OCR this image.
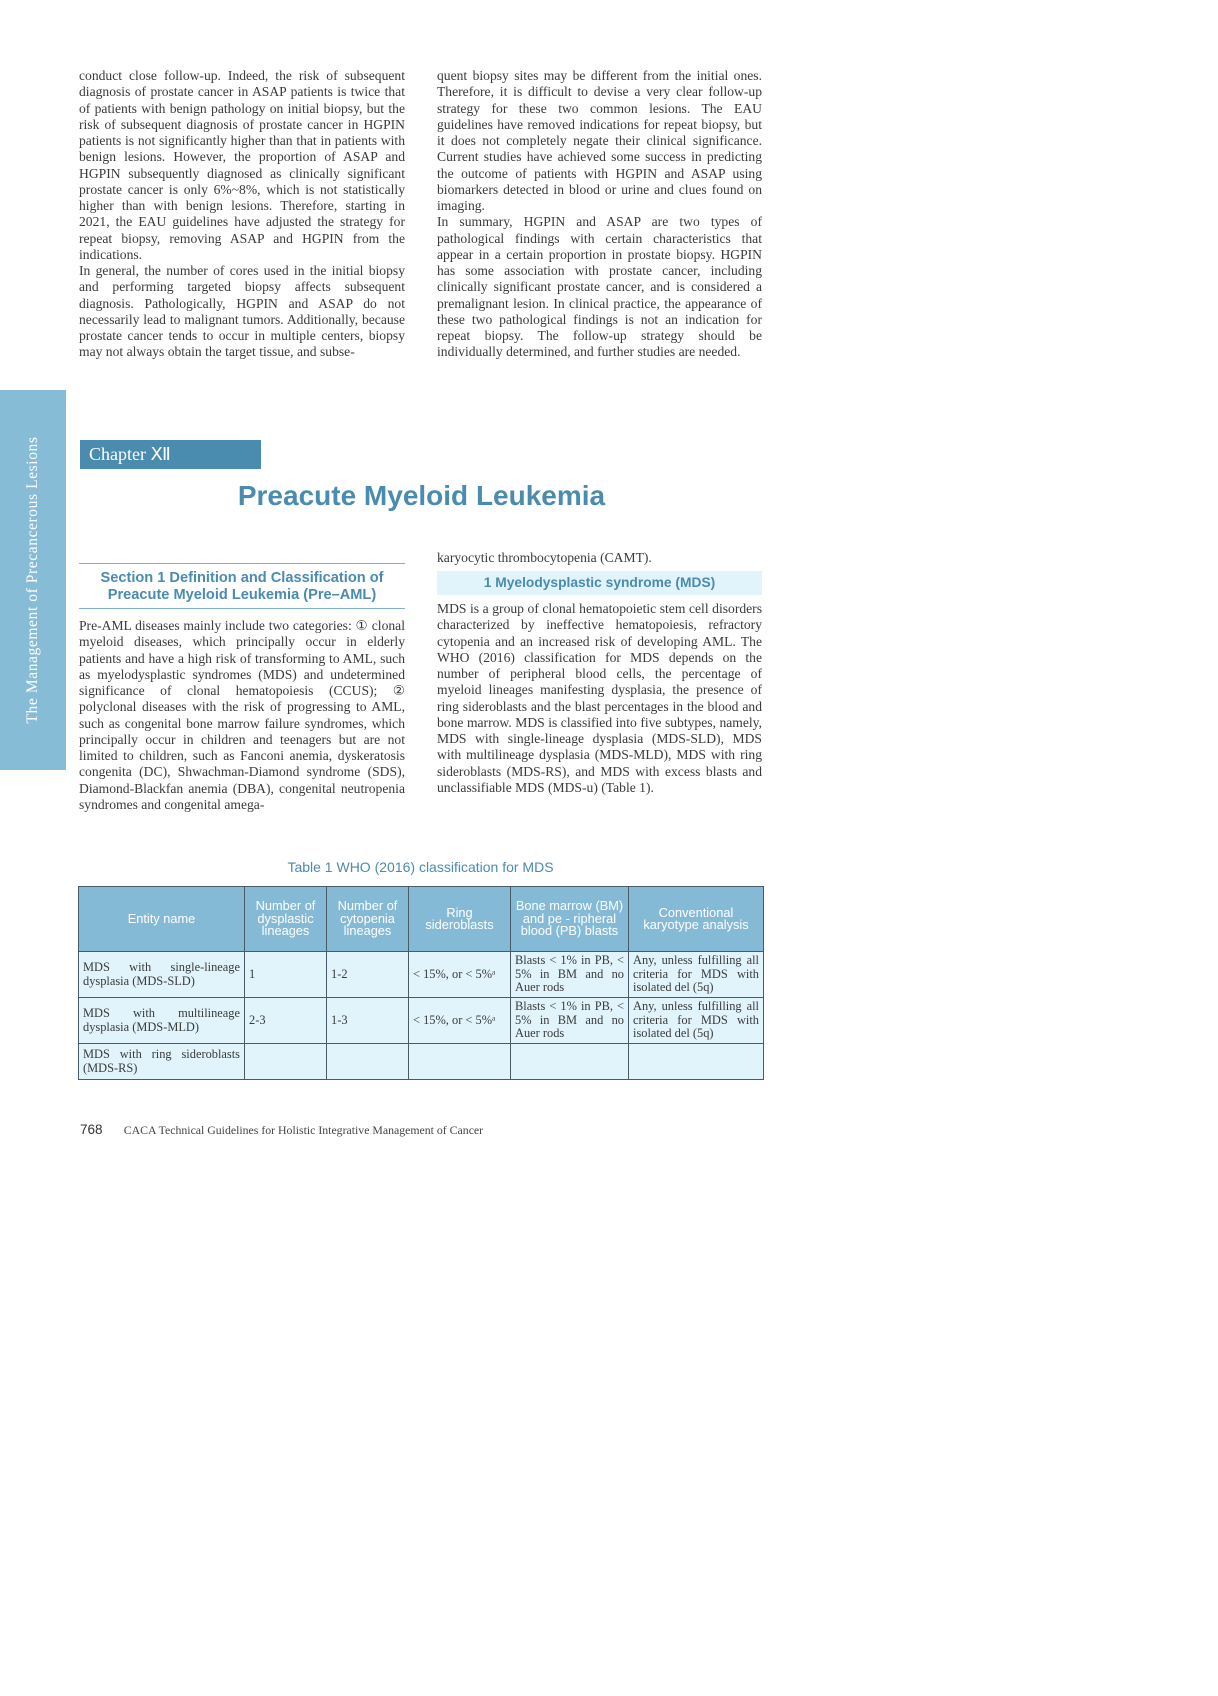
The Management of Precancerous Lesions

conduct close follow-up. Indeed, the risk of subsequent diagnosis of prostate cancer in ASAP patients is twice that of patients with benign pathology on initial biopsy, but the risk of subsequent diagnosis of prostate cancer in HGPIN patients is not significantly higher than that in patients with benign lesions. However, the proportion of ASAP and HGPIN subsequently diagnosed as clinically significant prostate cancer is only 6%~8%, which is not statistically higher than with benign lesions. Therefore, starting in 2021, the EAU guidelines have adjusted the strategy for repeat biopsy, removing ASAP and HGPIN from the indications.

In general, the number of cores used in the initial biopsy and performing targeted biopsy affects subsequent diagnosis. Pathologically, HGPIN and ASAP do not necessarily lead to malignant tumors. Additionally, because prostate cancer tends to occur in multiple centers, biopsy may not always obtain the target tissue, and subse-

quent biopsy sites may be different from the initial ones. Therefore, it is difficult to devise a very clear follow-up strategy for these two common lesions. The EAU guidelines have removed indications for repeat biopsy, but it does not completely negate their clinical significance. Current studies have achieved some success in predicting the outcome of patients with HGPIN and ASAP using biomarkers detected in blood or urine and clues found on imaging.

In summary, HGPIN and ASAP are two types of pathological findings with certain characteristics that appear in a certain proportion in prostate biopsy. HGPIN has some association with prostate cancer, including clinically significant prostate cancer, and is considered a premalignant lesion. In clinical practice, the appearance of these two pathological findings is not an indication for repeat biopsy. The follow-up strategy should be individually determined, and further studies are needed.

Chapter Ⅻ
Preacute Myeloid Leukemia
Section 1 Definition and Classification of
Preacute Myeloid Leukemia (Pre–AML)

Pre-AML diseases mainly include two categories: ① clonal myeloid diseases, which principally occur in elderly patients and have a high risk of transforming to AML, such as myelodysplastic syndromes (MDS) and undetermined significance of clonal hematopoiesis (CCUS); ② polyclonal diseases with the risk of progressing to AML, such as congenital bone marrow failure syndromes, which principally occur in children and teenagers but are not limited to children, such as Fanconi anemia, dyskeratosis congenita (DC), Shwachman-Diamond syndrome (SDS), Diamond-Blackfan anemia (DBA), congenital neutropenia syndromes and congenital amega-

karyocytic thrombocytopenia (CAMT).

1 Myelodysplastic syndrome (MDS)

MDS is a group of clonal hematopoietic stem cell disorders characterized by ineffective hematopoiesis, refractory cytopenia and an increased risk of developing AML. The WHO (2016) classification for MDS depends on the number of peripheral blood cells, the percentage of myeloid lineages manifesting dysplasia, the presence of ring sideroblasts and the blast percentages in the blood and bone marrow. MDS is classified into five subtypes, namely, MDS with single-lineage dysplasia (MDS-SLD), MDS with multilineage dysplasia (MDS-MLD), MDS with ring sideroblasts (MDS-RS), and MDS with excess blasts and unclassifiable MDS (MDS-u) (Table 1).

Table 1 WHO (2016) classification for MDS
Entity name	Number of dysplastic lineages	Number of cytopenia lineages	Ring sideroblasts	Bone marrow (BM) and pe - ripheral blood (PB) blasts	Conventional karyotype analysis
MDS with single-lineage dysplasia (MDS-SLD)	1	1-2	< 15%, or < 5%ᵃ	Blasts < 1% in PB, < 5% in BM and no Auer rods	Any, unless fulfilling all criteria for MDS with isolated del (5q)
MDS with multilineage dysplasia (MDS-MLD)	2-3	1-3	< 15%, or < 5%ᵃ	Blasts < 1% in PB, < 5% in BM and no Auer rods	Any, unless fulfilling all criteria for MDS with isolated del (5q)
MDS with ring sideroblasts (MDS-RS)					
768 CACA Technical Guidelines for Holistic Integrative Management of Cancer
